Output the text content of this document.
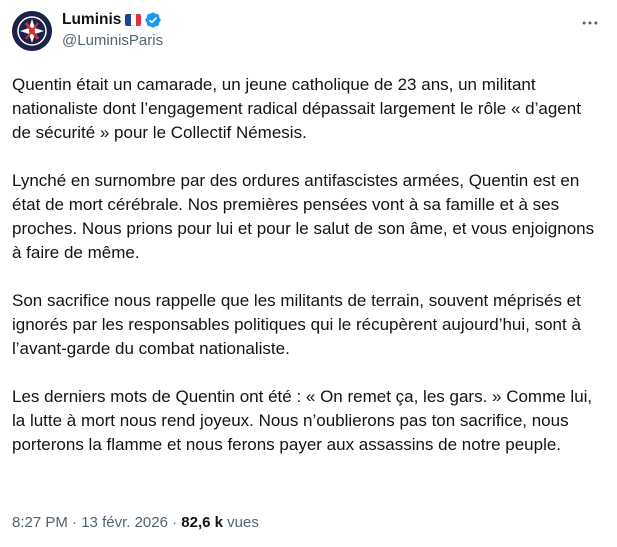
Luminis
@LuminisParis

Quentin était un camarade, un jeune catholique de 23 ans, un militant nationaliste dont l’engagement radical dépassait largement le rôle « d’agent de sécurité » pour le Collectif Némesis.

Lynché en surnombre par des ordures antifascistes armées, Quentin est en état de mort cérébrale. Nos premières pensées vont à sa famille et à ses proches. Nous prions pour lui et pour le salut de son âme, et vous enjoignons à faire de même.

Son sacrifice nous rappelle que les militants de terrain, souvent méprisés et ignorés par les responsables politiques qui le récupèrent aujourd’hui, sont à l’avant-garde du combat nationaliste.

Les derniers mots de Quentin ont été : « On remet ça, les gars. » Comme lui, la lutte à mort nous rend joyeux. Nous n’oublierons pas ton sacrifice, nous porterons la flamme et nous ferons payer aux assassins de notre peuple.

8:27 PM · 13 févr. 2026 · 82,6 k vues
